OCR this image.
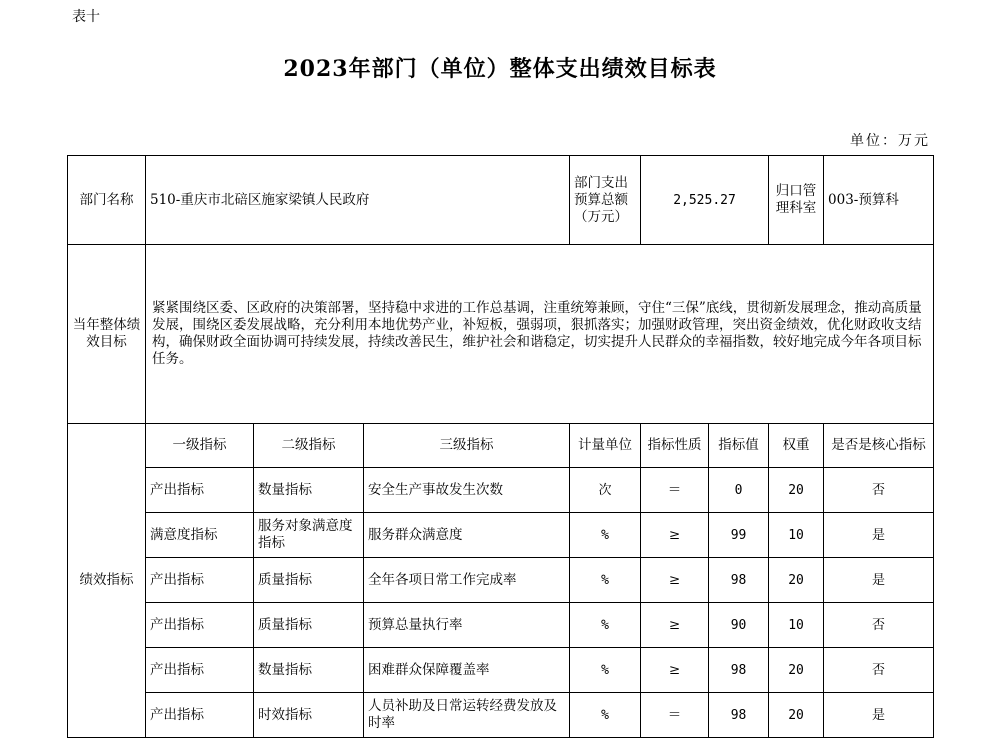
表十
2023年部门（单位）整体支出绩效目标表
单位：万元
部门名称	510-重庆市北碚区施家梁镇人民政府			部门支出预算总额（万元）	2,525.27		归口管理科室	003-预算科
当年整体绩效目标	紧紧围绕区委、区政府的决策部署，坚持稳中求进的工作总基调，注重统筹兼顾，守住“三保”底线，贯彻新发展理念，推动高质量发展，围绕区委发展战略，充分利用本地优势产业，补短板，强弱项，狠抓落实；加强财政管理，突出资金绩效，优化财政收支结构，确保财政全面协调可持续发展，持续改善民生，维护社会和谐稳定，切实提升人民群众的幸福指数，较好地完成今年各项目标任务。							
绩效指标	一级指标	二级指标	三级指标	计量单位	指标性质	指标值	权重	是否是核心指标
	产出指标	数量指标	安全生产事故发生次数	次	＝	0	20	否
	满意度指标	服务对象满意度指标	服务群众满意度	%	≥	99	10	是
	产出指标	质量指标	全年各项日常工作完成率	%	≥	98	20	是
	产出指标	质量指标	预算总量执行率	%	≥	90	10	否
	产出指标	数量指标	困难群众保障覆盖率	%	≥	98	20	否
	产出指标	时效指标	人员补助及日常运转经费发放及时率	%	＝	98	20	是
